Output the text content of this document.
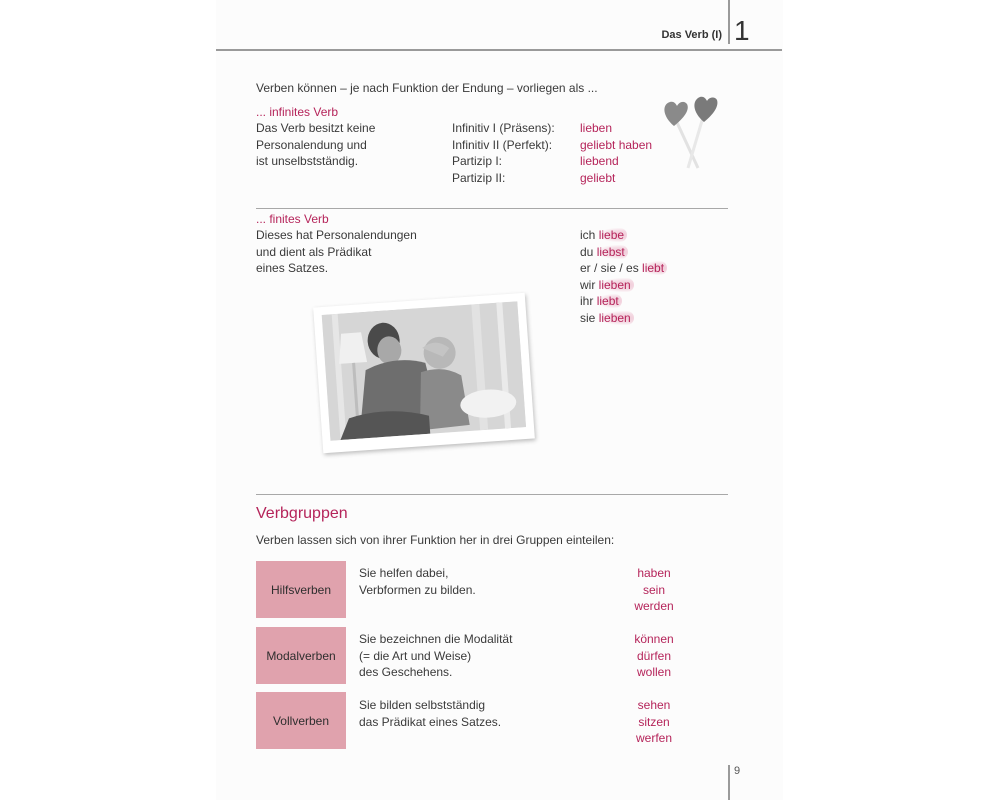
Das Verb (I) 1
Verben können – je nach Funktion der Endung – vorliegen als ...
... infinites Verb
Das Verb besitzt keine
Personalendung und
ist unselbstständig.
Infinitiv I (Präsens):
Infinitiv II (Perfekt):
Partizip I:
Partizip II:
lieben
geliebt haben
liebend
geliebt
... finites Verb
Dieses hat Personalendungen
und dient als Prädikat
eines Satzes.
ich liebe
du liebst
er / sie / es liebt
wir lieben
ihr liebt
sie lieben
Verbgruppen
Verben lassen sich von ihrer Funktion her in drei Gruppen einteilen:
Hilfsverben
Sie helfen dabei,
Verbformen zu bilden.
haben
sein
werden
Modalverben
Sie bezeichnen die Modalität
(= die Art und Weise)
des Geschehens.
können
dürfen
wollen
Vollverben
Sie bilden selbstständig
das Prädikat eines Satzes.
sehen
sitzen
werfen
9
